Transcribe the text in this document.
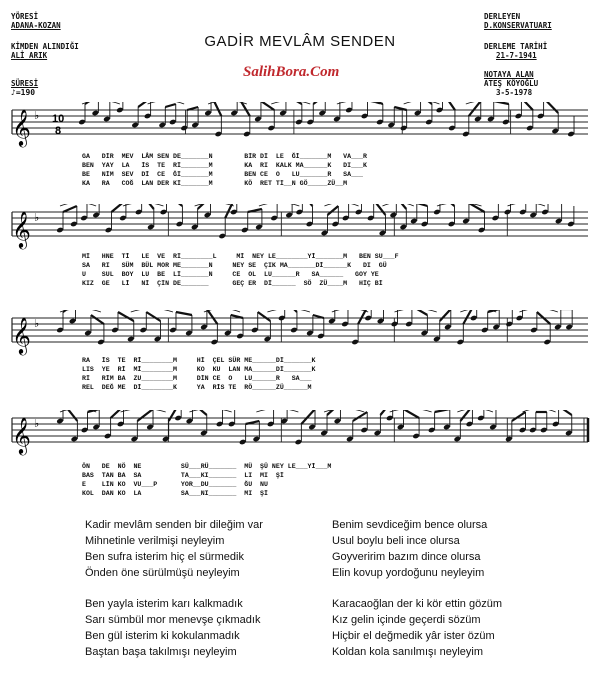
YÖRESİ
ADANA-KOZAN
KİMDEN ALINDIĞI
ALİ ARIK
SÜRESİ
♪=190
DERLEYEN
D.KONSERVATUARI
DERLEME TARİHİ
21-7-1941
NOTAYA ALAN
ATEŞ KÖYOĞLU
3-5-1978
GADİR MEVLÂM SENDEN
SalihBora.Com
𝄞 ♭ 10
8
GA   DİR  MEV  LÂM SEN DE_______N        BİR Dİ  LE  Ğİ_______M   VA___R
BEN  YAY  LA   İS  TE  Rİ_______M        KA  RI  KALK MA______K   DI___K
BE   NİM  SEV  Dİ  CE  Ğİ_______M        BEN CE  O   LU_______R   SA___
KA   RA   COĞ  LAN DER Kİ_______M        KÖ  RET Tİ__N GÖ_____ZÜ__M
𝄞 ♭
Mİ   HNE  Tİ   LE  VE  Rİ________L     Mİ  NEY LE________Yİ_______M   BEN SU___F
SA   RI   SÜM  BÜL MOR ME_______N     NEY SE  ÇIK MA_______Dİ______K   DI  GÜ
U    SUL  BOY  LU  BE  Lİ_______N     CE  OL  LU______R   SA______   GOY YE
KIZ  GE   Lİ   Nİ  ÇİN DE_______      GEÇ ER  Dİ______  SÖ  ZÜ____M   HİÇ Bİ
𝄞 ♭
RA   İS  TE  Rİ________M     Hİ  ÇEL SÜR ME______Dİ_______K
LIS  YE  Rİ  Mİ________M     KO  KU  LAN MA______Dİ_______K
Rİ   RİM BA  ZU________M     DİN CE  O   LU______R   SA___
REL  DEĞ ME  Dİ________K     YA  RİS TE  RÖ______ZÜ______M
𝄞 ♭
ÖN   DE  NÖ  NE          SÜ___RÜ_______  MÜ  ŞÜ NEY LE___Yİ___M
BAS  TAN BA  SA          TA___KI_______  LI  MI  Şİ
E    LİN KO  VU___P      YOR__DU_______  ĞU  NU
KOL  DAN KO  LA          SA___NI_______  MI  Şİ
Kadir mevlâm senden bir dileğim var
Mihnetinle verilmişi neyleyim
Ben sufra isterim hiç el sürmedik
Önden öne sürülmüşü neyleyim
Benim sevdiceğim bence olursa
Usul boylu beli ince olursa
Goyveririm bazım dince olursa
Elin kovup yordoğunu neyleyim
Ben yayla isterim karı kalkmadık
Sarı sümbül mor menevşe çıkmadık
Ben gül isterim ki kokulanmadık
Baştan başa takılmışı neyleyim
Karacaoğlan der ki kör ettin gözüm
Kız gelin içinde geçerdi sözüm
Hiçbir el değmedik yâr ister özüm
Koldan kola sanılmışı neyleyim
